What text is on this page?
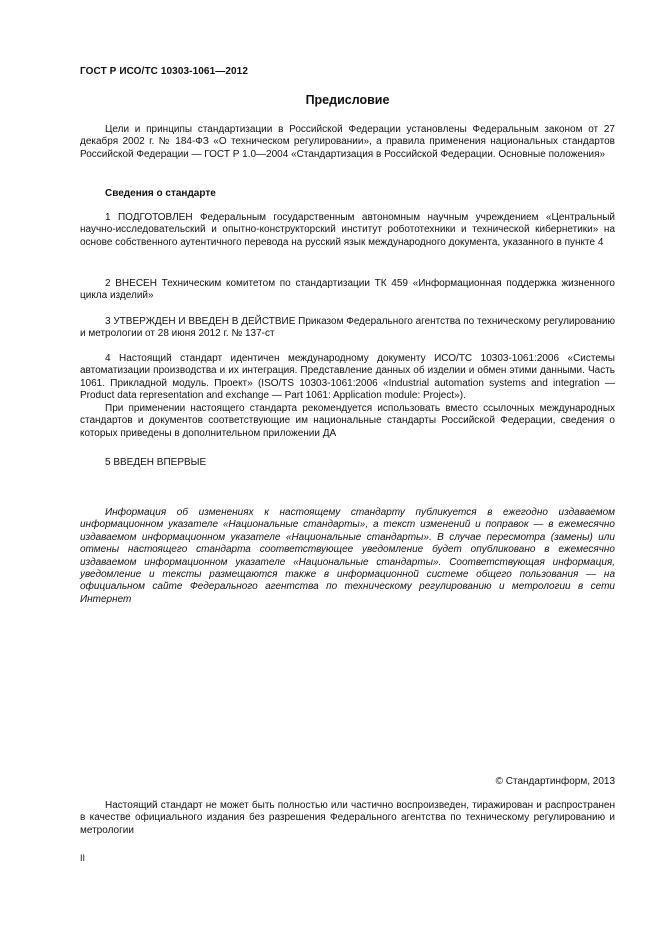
ГОСТ Р ИСО/ТС 10303-1061—2012
Предисловие

Цели и принципы стандартизации в Российской Федерации установлены Федеральным законом от 27 декабря 2002 г. № 184-ФЗ «О техническом регулировании», а правила применения национальных стандартов Российской Федерации — ГОСТ Р 1.0—2004 «Стандартизация в Российской Федерации. Основные положения»

Сведения о стандарте

1 ПОДГОТОВЛЕН Федеральным государственным автономным научным учреждением «Центральный научно-исследовательский и опытно-конструкторский институт робототехники и технической кибернетики» на основе собственного аутентичного перевода на русский язык международного документа, указанного в пункте 4

2 ВНЕСЕН Техническим комитетом по стандартизации ТК 459 «Информационная поддержка жизненного цикла изделий»

3 УТВЕРЖДЕН И ВВЕДЕН В ДЕЙСТВИЕ Приказом Федерального агентства по техническому регулированию и метрологии от 28 июня 2012 г. № 137-ст

4 Настоящий стандарт идентичен международному документу ИСО/ТС 10303-1061:2006 «Системы автоматизации производства и их интеграция. Представление данных об изделии и обмен этими данными. Часть 1061. Прикладной модуль. Проект» (ISO/TS 10303-1061:2006 «Industrial automation systems and integration — Product data representation and exchange — Part 1061: Application module: Project»).

При применении настоящего стандарта рекомендуется использовать вместо ссылочных международных стандартов и документов соответствующие им национальные стандарты Российской Федерации, сведения о которых приведены в дополнительном приложении ДА

5 ВВЕДЕН ВПЕРВЫЕ

Информация об изменениях к настоящему стандарту публикуется в ежегодно издаваемом информационном указателе «Национальные стандарты», а текст изменений и поправок — в ежемесячно издаваемом информационном указателе «Национальные стандарты». В случае пересмотра (замены) или отмены настоящего стандарта соответствующее уведомление будет опубликовано в ежемесячно издаваемом информационном указателе «Национальные стандарты». Соответствующая информация, уведомление и тексты размещаются также в информационной системе общего пользования — на официальном сайте Федерального агентства по техническому регулированию и метрологии в сети Интернет

© Стандартинформ, 2013

Настоящий стандарт не может быть полностью или частично воспроизведен, тиражирован и распространен в качестве официального издания без разрешения Федерального агентства по техническому регулированию и метрологии

II
